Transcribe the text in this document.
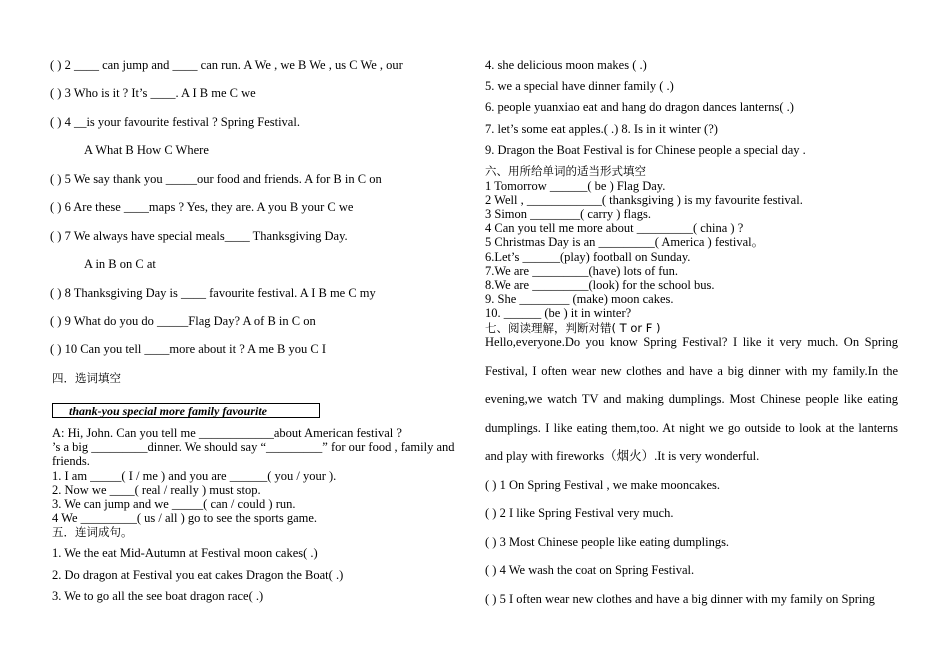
( ) 2 ____ can jump and ____ can run. A We , we B We , us C We , our
( ) 3 Who is it ? It’s ____. A I B me C we
( ) 4 __is your favourite festival ? Spring Festival.
A What B How C Where
( ) 5 We say thank you _____our food and friends. A for B in C on
( ) 6 Are these ____maps ? Yes, they are. A you B your C we
( ) 7 We always have special meals____ Thanksgiving Day.
A in B on C at
( ) 8 Thanksgiving Day is ____ favourite festival. A I B me C my
( ) 9 What do you do _____Flag Day? A of B in C on
( ) 10 Can you tell ____more about it ? A me B you C I
四．选词填空
thank-you special more family favourite
A: Hi, John. Can you tell me ____________about American festival ?
’s a big _________dinner. We should say “_________” for our food , family and
friends.
1. I am _____( I / me ) and you are ______( you / your ).
2. Now we ____( real / really ) must stop.
3. We can jump and we _____( can / could ) run.
4 We _________( us / all ) go to see the sports game.
五．连词成句。
1. We the eat Mid-Autumn at Festival moon cakes( .)
2. Do dragon at Festival you eat cakes Dragon the Boat( .)
3. We to go all the see boat dragon race( .)
4. she delicious moon makes ( .)
5. we a special have dinner family ( .)
6. people yuanxiao eat and hang do dragon dances lanterns( .)
7. let’s some eat apples.( .) 8. Is in it winter (?)
9. Dragon the Boat Festival is for Chinese people a special day .
六、用所给单词的适当形式填空
1 Tomorrow ______( be ) Flag Day.
2 Well , ____________( thanksgiving ) is my favourite festival.
3 Simon ________( carry ) flags.
4 Can you tell me more about _________( china ) ?
5 Christmas Day is an _________( America ) festival。
6.Let’s ______(play) football on Sunday.
7.We are _________(have) lots of fun.
8.We are _________(look) for the school bus.
9. She ________ (make) moon cakes.
10. ______ (be ) it in winter?
七、阅读理解，判断对错( T or F )
Hello,everyone.Do you know Spring Festival? I like it very much. On Spring Festival, I often wear new clothes and have a big dinner with my family.In the evening,we watch TV and making dumplings. Most Chinese people like eating dumplings. I like eating them,too. At night we go outside to look at the lanterns and play with fireworks（烟火）.It is very wonderful.
( ) 1 On Spring Festival , we make mooncakes.
( ) 2 I like Spring Festival very much.
( ) 3 Most Chinese people like eating dumplings.
( ) 4 We wash the coat on Spring Festival.
( ) 5 I often wear new clothes and have a big dinner with my family on Spring
